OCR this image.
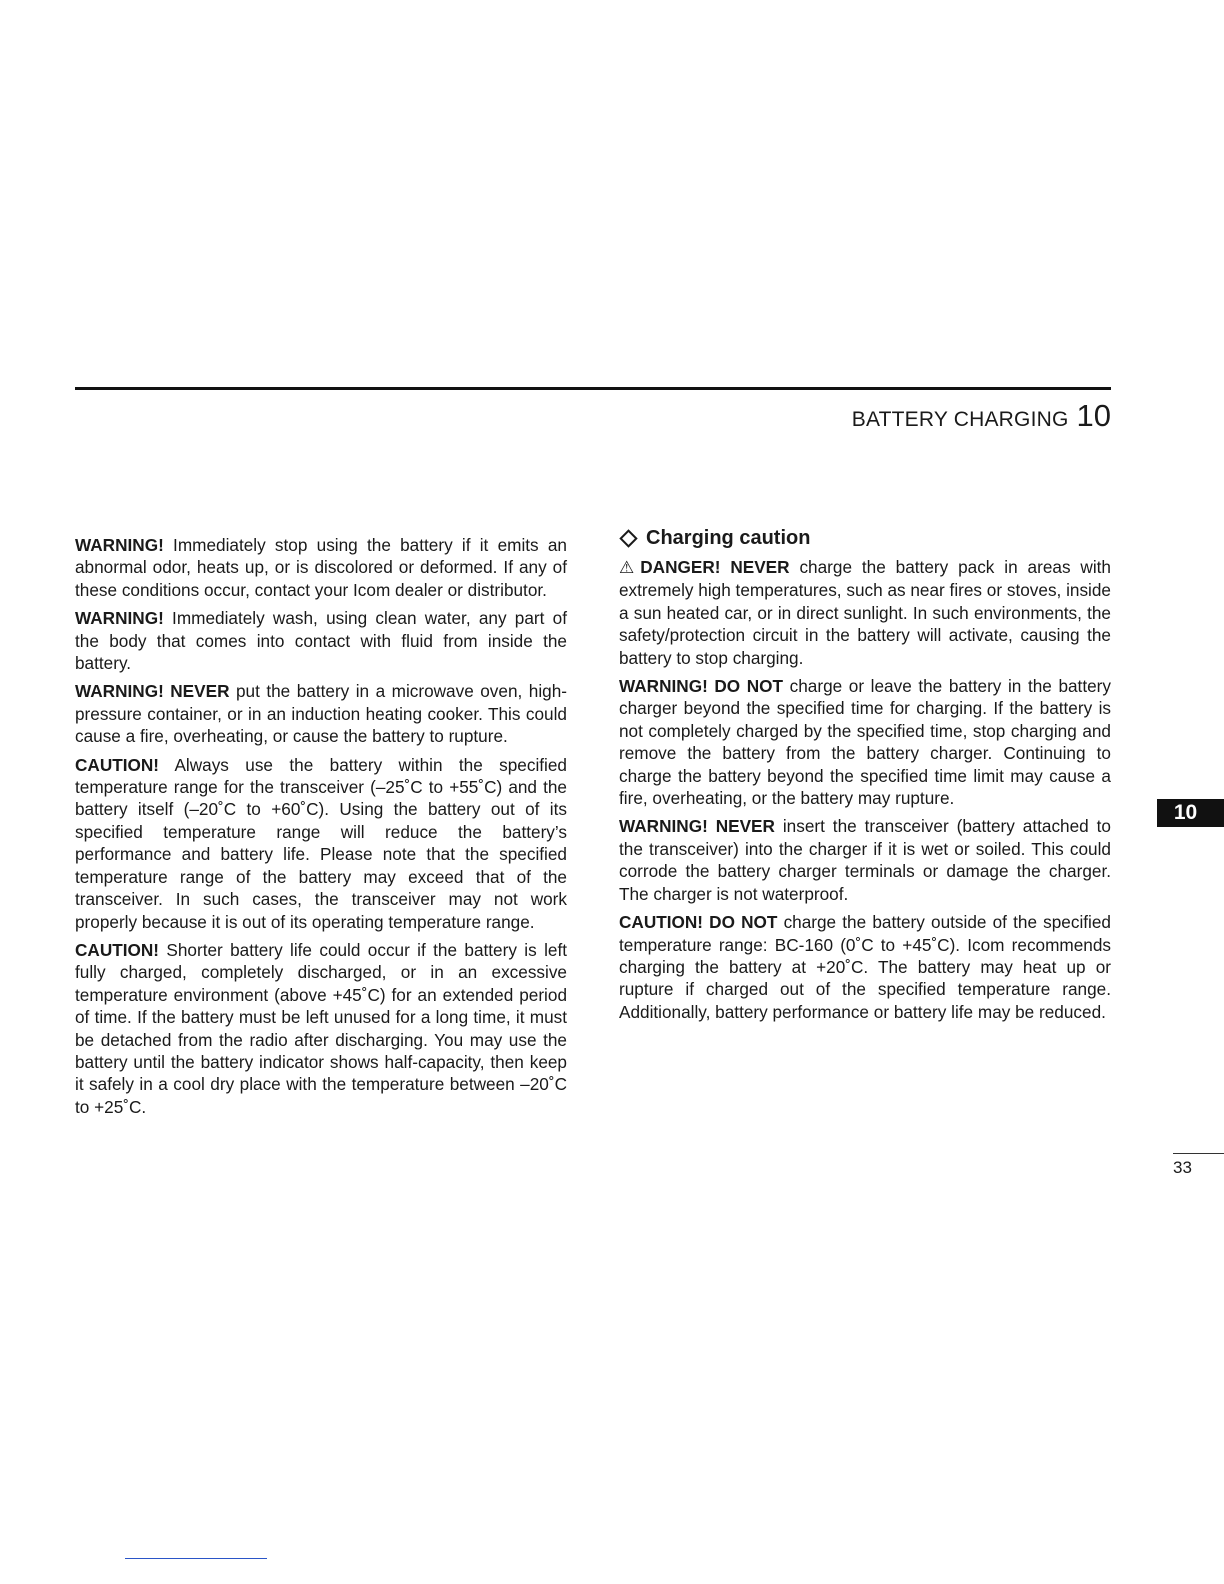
BATTERY CHARGING 10

WARNING! Immediately stop using the battery if it emits an abnormal odor, heats up, or is discolored or deformed. If any of these conditions occur, contact your Icom dealer or distributor.

WARNING! Immediately wash, using clean water, any part of the body that comes into contact with fluid from inside the battery.

WARNING! NEVER put the battery in a microwave oven, high-pressure container, or in an induction heating cooker. This could cause a fire, overheating, or cause the battery to rupture.

CAUTION! Always use the battery within the specified temperature range for the transceiver (–25˚C to +55˚C) and the battery itself (–20˚C to +60˚C). Using the battery out of its specified temperature range will reduce the battery’s performance and battery life. Please note that the specified temperature range of the battery may exceed that of the transceiver. In such cases, the transceiver may not work properly because it is out of its operating temperature range.

CAUTION! Shorter battery life could occur if the battery is left fully charged, completely discharged, or in an excessive temperature environment (above +45˚C) for an extended period of time. If the battery must be left unused for a long time, it must be detached from the radio after discharging. You may use the battery until the battery indicator shows half-capacity, then keep it safely in a cool dry place with the temperature between –20˚C to +25˚C.

Charging caution

⚠ DANGER! NEVER charge the battery pack in areas with extremely high temperatures, such as near fires or stoves, inside a sun heated car, or in direct sunlight. In such environments, the safety/protection circuit in the battery will activate, causing the battery to stop charging.

WARNING! DO NOT charge or leave the battery in the battery charger beyond the specified time for charging. If the battery is not completely charged by the specified time, stop charging and remove the battery from the battery charger. Continuing to charge the battery beyond the specified time limit may cause a fire, overheating, or the battery may rupture.

WARNING! NEVER insert the transceiver (battery attached to the transceiver) into the charger if it is wet or soiled. This could corrode the battery charger terminals or damage the charger. The charger is not waterproof.

CAUTION! DO NOT charge the battery outside of the specified temperature range: BC-160 (0˚C to +45˚C). Icom recommends charging the battery at +20˚C. The battery may heat up or rupture if charged out of the specified temperature range. Additionally, battery performance or battery life may be reduced.

10
33
